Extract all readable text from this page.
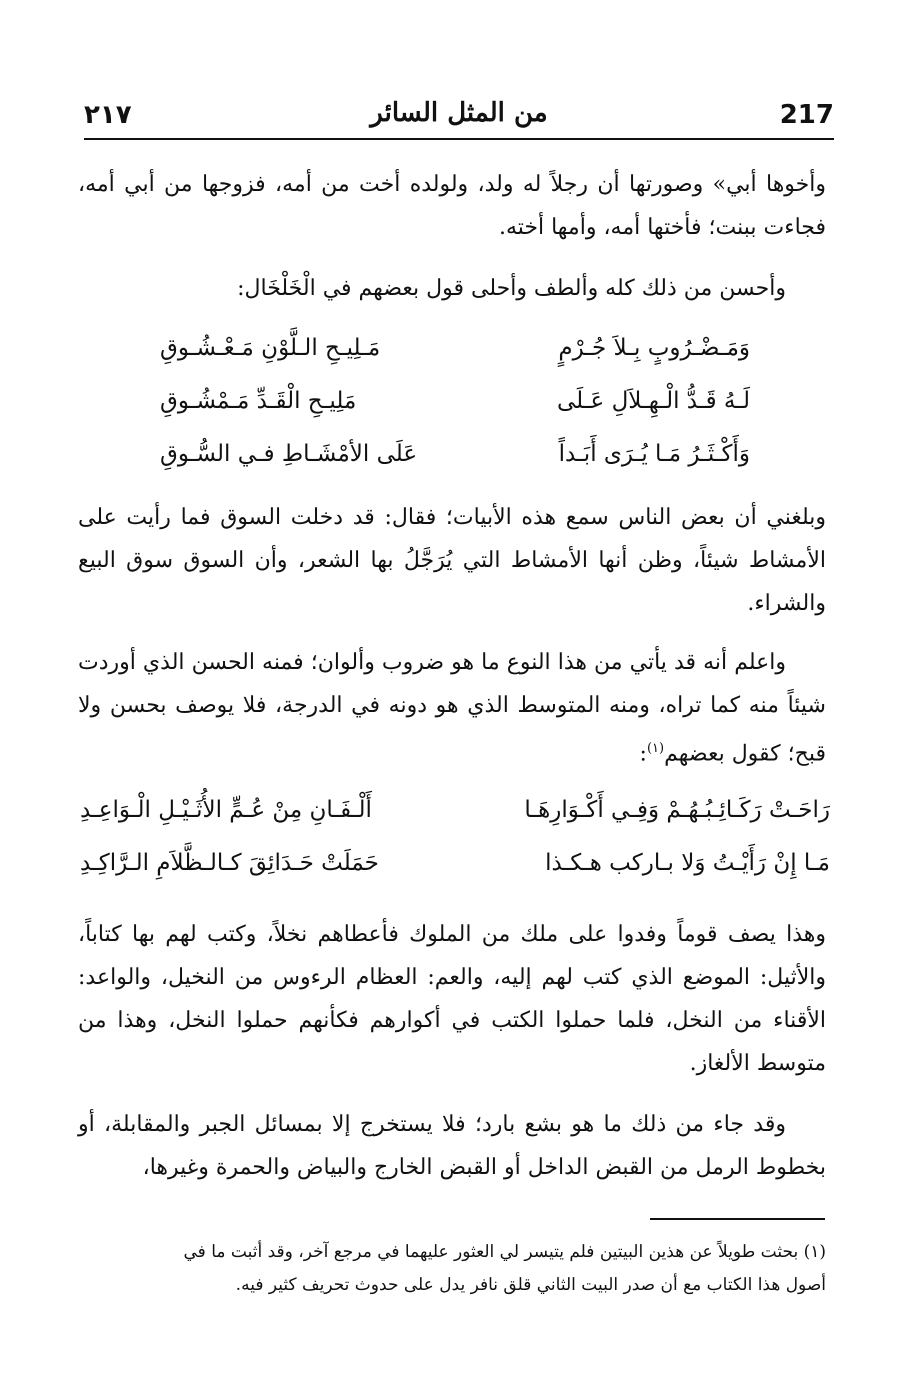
٢١٧	من المثل السائر	217

وأخوها أبي» وصورتها أن رجلاً له ولد، ولولده أخت من أمه، فزوجها من أبي أمه، فجاءت ببنت؛ فأختها أمه، وأمها أخته.

وأحسن من ذلك كله وألطف وأحلى قول بعضهم في الْخَلْخَال:

وَمَـضْـرُوبٍ بِـلاَ جُـرْمٍ
مَـلِيـحِ الـلَّوْنِ مَـعْـشُـوقِ
لَـهُ قَـدُّ الْـهِـلاَلِ عَـلَى
مَلِيـحِ الْقَـدِّ مَـمْشُـوقِ
وَأَكْـثَـرُ مَـا يُـرَى أَبَـداً
عَلَى الأمْشَـاطِ فـي السُّـوقِ

وبلغني أن بعض الناس سمع هذه الأبيات؛ فقال: قد دخلت السوق فما رأيت على الأمشاط شيئاً، وظن أنها الأمشاط التي يُرَجَّلُ بها الشعر، وأن السوق سوق البيع والشراء.

واعلم أنه قد يأتي من هذا النوع ما هو ضروب وألوان؛ فمنه الحسن الذي أوردت شيئاً منه كما تراه، ومنه المتوسط الذي هو دونه في الدرجة، فلا يوصف بحسن ولا قبح؛ كقول بعضهم$^{(١)}$:

رَاحَـتْ رَكَـائِـبُـهُـمْ وَفِـي أَكْـوَارِهَـا
أَلْـفَـانِ مِنْ عُـمٍّ الأُثَـيْـلِ الْـوَاعِـدِ
مَـا إِنْ رَأَيْـتُ وَلا بـاركب هـكـذا
حَمَلَتْ حَـدَائِقَ كـالـظَّلاَمِ الـرَّاكِـدِ

وهذا يصف قوماً وفدوا على ملك من الملوك فأعطاهم نخلاً، وكتب لهم بها كتاباً، والأثيل: الموضع الذي كتب لهم إليه، والعم: العظام الرءوس من النخيل، والواعد: الأقناء من النخل، فلما حملوا الكتب في أكوارهم فكأنهم حملوا النخل، وهذا من متوسط الألغاز.

وقد جاء من ذلك ما هو بشع بارد؛ فلا يستخرج إلا بمسائل الجبر والمقابلة، أو بخطوط الرمل من القبض الداخل أو القبض الخارج والبياض والحمرة وغيرها،

(١) بحثت طويلاً عن هذين البيتين فلم يتيسر لي العثور عليهما في مرجع آخر، وقد أثبت ما في

أصول هذا الكتاب مع أن صدر البيت الثاني قلق نافر يدل على حدوث تحريف كثير فيه.
